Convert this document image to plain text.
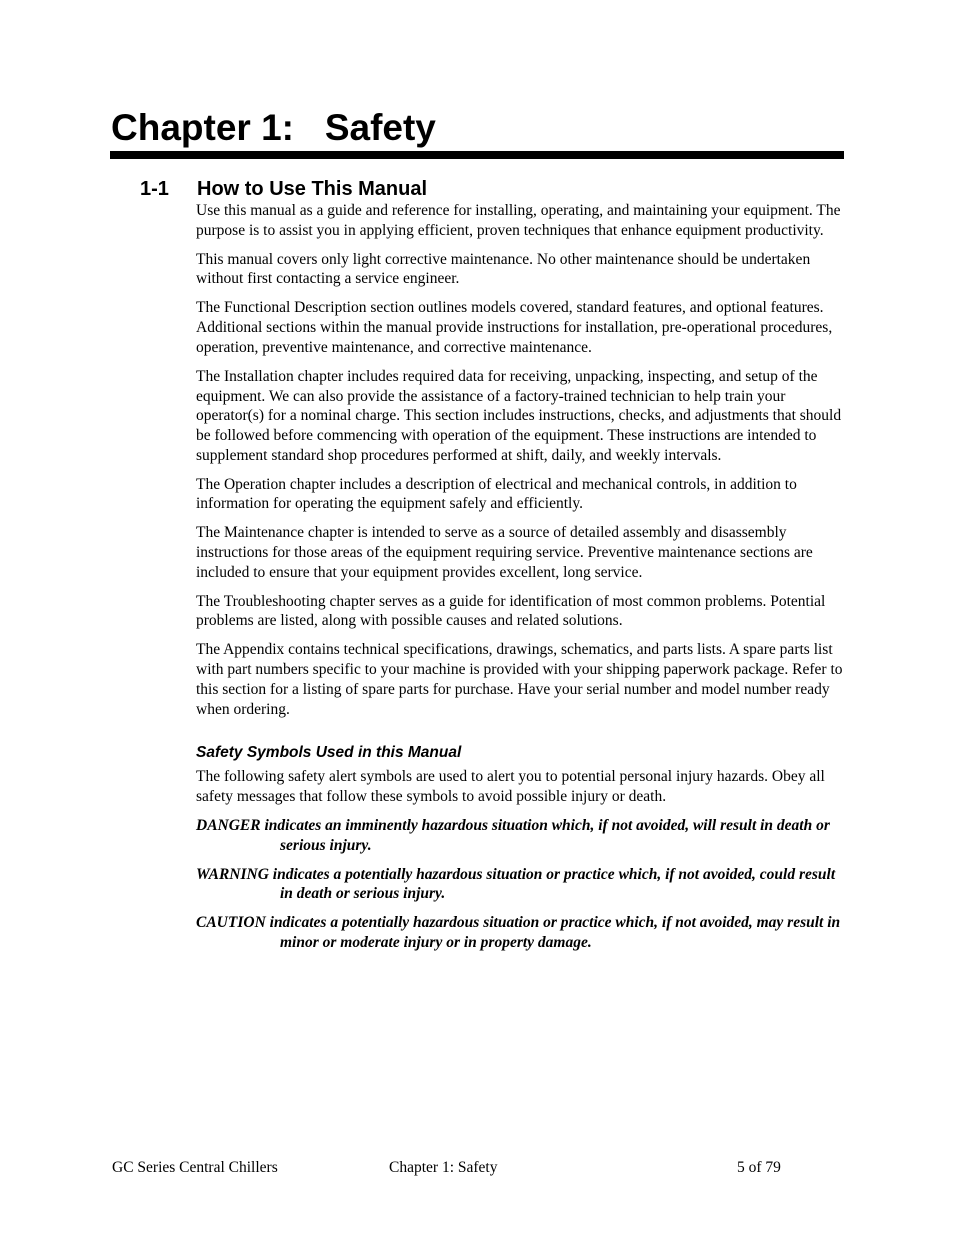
Chapter 1:   Safety
1-1 How to Use This Manual

Use this manual as a guide and reference for installing, operating, and maintaining your equipment. The purpose is to assist you in applying efficient, proven techniques that enhance equipment productivity.

This manual covers only light corrective maintenance. No other maintenance should be undertaken without first contacting a service engineer.

The Functional Description section outlines models covered, standard features, and optional features. Additional sections within the manual provide instructions for installation, pre-operational procedures, operation, preventive maintenance, and corrective maintenance.

The Installation chapter includes required data for receiving, unpacking, inspecting, and setup of the equipment. We can also provide the assistance of a factory-trained technician to help train your operator(s) for a nominal charge. This section includes instructions, checks, and adjustments that should be followed before commencing with operation of the equipment. These instructions are intended to supplement standard shop procedures performed at shift, daily, and weekly intervals.

The Operation chapter includes a description of electrical and mechanical controls, in addition to information for operating the equipment safely and efficiently.

The Maintenance chapter is intended to serve as a source of detailed assembly and disassembly instructions for those areas of the equipment requiring service. Preventive maintenance sections are included to ensure that your equipment provides excellent, long service.

The Troubleshooting chapter serves as a guide for identification of most common problems. Potential problems are listed, along with possible causes and related solutions.

The Appendix contains technical specifications, drawings, schematics, and parts lists. A spare parts list with part numbers specific to your machine is provided with your shipping paperwork package. Refer to this section for a listing of spare parts for purchase. Have your serial number and model number ready when ordering.

Safety Symbols Used in this Manual

The following safety alert symbols are used to alert you to potential personal injury hazards. Obey all safety messages that follow these symbols to avoid possible injury or death.

DANGER indicates an imminently hazardous situation which, if not avoided, will result in death or serious injury.

WARNING indicates a potentially hazardous situation or practice which, if not avoided, could result in death or serious injury.

CAUTION indicates a potentially hazardous situation or practice which, if not avoided, may result in minor or moderate injury or in property damage.

GC Series Central Chillers	Chapter 1: Safety	5 of 79
